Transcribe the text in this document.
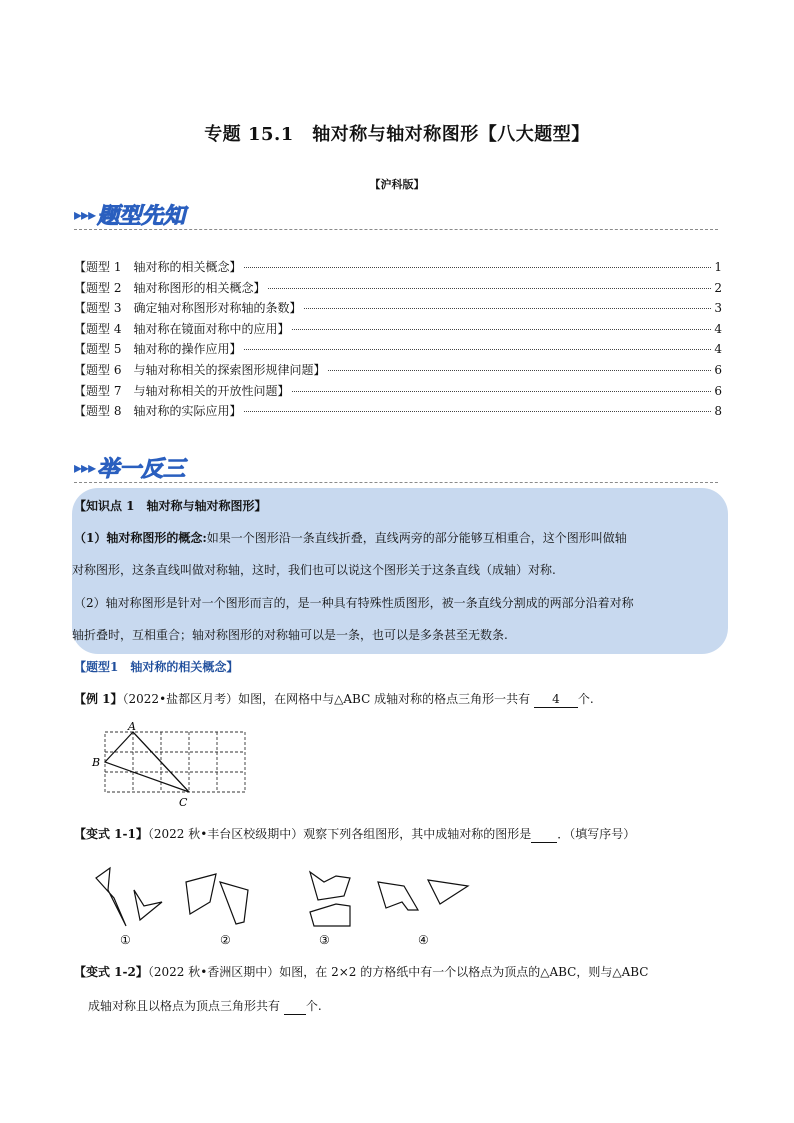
专题 15.1　轴对称与轴对称图形【八大题型】
【沪科版】
▸▸▸ 题型先知
【题型 1　轴对称的相关概念】	1
【题型 2　轴对称图形的相关概念】	2
【题型 3　确定轴对称图形对称轴的条数】	3
【题型 4　轴对称在镜面对称中的应用】	4
【题型 5　轴对称的操作应用】	4
【题型 6　与轴对称相关的探索图形规律问题】	6
【题型 7　与轴对称相关的开放性问题】	6
【题型 8　轴对称的实际应用】	8
▸▸▸ 举一反三
【知识点 1　轴对称与轴对称图形】
（1）轴对称图形的概念:如果一个图形沿一条直线折叠，直线两旁的部分能够互相重合，这个图形叫做轴
对称图形，这条直线叫做对称轴，这时，我们也可以说这个图形关于这条直线（成轴）对称.
（2）轴对称图形是针对一个图形而言的，是一种具有特殊性质图形，被一条直线分割成的两部分沿着对称
轴折叠时，互相重合；轴对称图形的对称轴可以是一条，也可以是多条甚至无数条.
【题型1　轴对称的相关概念】
【例 1】（2022•盐都区月考）如图，在网格中与△ABC 成轴对称的格点三角形一共有 4 个.
A
B
C
【变式 1-1】（2022 秋•丰台区校级期中）观察下列各组图形，其中成轴对称的图形是 ．（填写序号）
①	②	③	④
【变式 1-2】（2022 秋•香洲区期中）如图，在 2×2 的方格纸中有一个以格点为顶点的△ABC，则与△ABC
成轴对称且以格点为顶点三角形共有 个.
